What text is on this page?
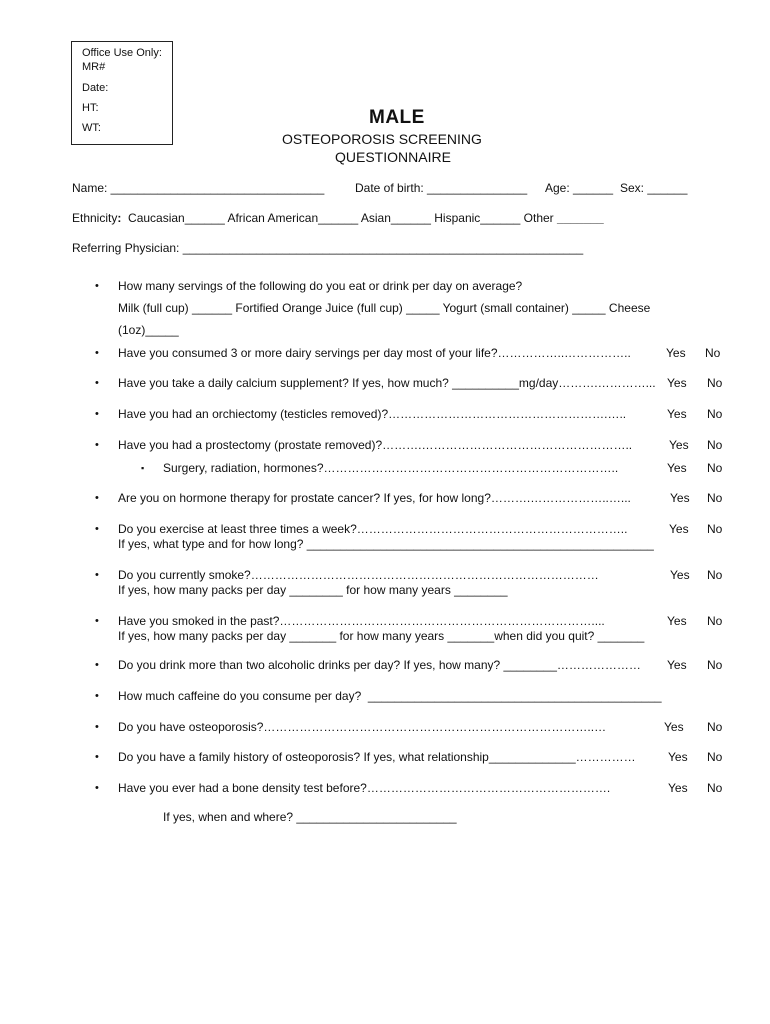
Office Use Only:
MR#
Date:
HT:
WT:	MALE
OSTEOPOROSIS SCREENING
QUESTIONNAIRE
Name: ________________________________	Date of birth: _______________ Age: ______ Sex: ______
Ethnicity: Caucasian______ African American______ Asian______ Hispanic______ Other _______
Referring Physician: ____________________________________________________________
• How many servings of the following do you eat or drink per day on average?
Milk (full cup) ______ Fortified Orange Juice (full cup) _____ Yogurt (small container) _____ Cheese
(1oz)_____
• Have you consumed 3 or more dairy servings per day most of your life?……………..……………..	Yes No
• Have you take a daily calcium supplement? If yes, how much? __________mg/day……….…………... Yes No
• Have you had an orchiectomy (testicles removed)?……………………………………………….…..	Yes No
• Have you had a prostectomy (prostate removed)?……….……………………………………………..	Yes No
▪ Surgery, radiation, hormones?………………………………………………………………..	Yes No
• Are you on hormone therapy for prostate cancer? If yes, for how long?……….………………..…...	Yes No
• Do you exercise at least three times a week?…………………………………………………………..	Yes No
If yes, what type and for how long? ____________________________________________________
• Do you currently smoke?……………………………………………………………………………	Yes No
If yes, how many packs per day ________ for how many years ________
• Have you smoked in the past?……………………………………………………………………....	Yes No
If yes, how many packs per day _______ for how many years _______when did you quit? _______
• Do you drink more than two alcoholic drinks per day? If yes, how many? ________………………… Yes No
• How much caffeine do you consume per day?  ____________________________________________
• Do you have osteoporosis?………………………………………………………………………..…	Yes No
• Do you have a family history of osteoporosis? If yes, what relationship_____________……………	Yes No
• Have you ever had a bone density test before?…………………………………………………….	Yes No
If yes, when and where? ________________________
